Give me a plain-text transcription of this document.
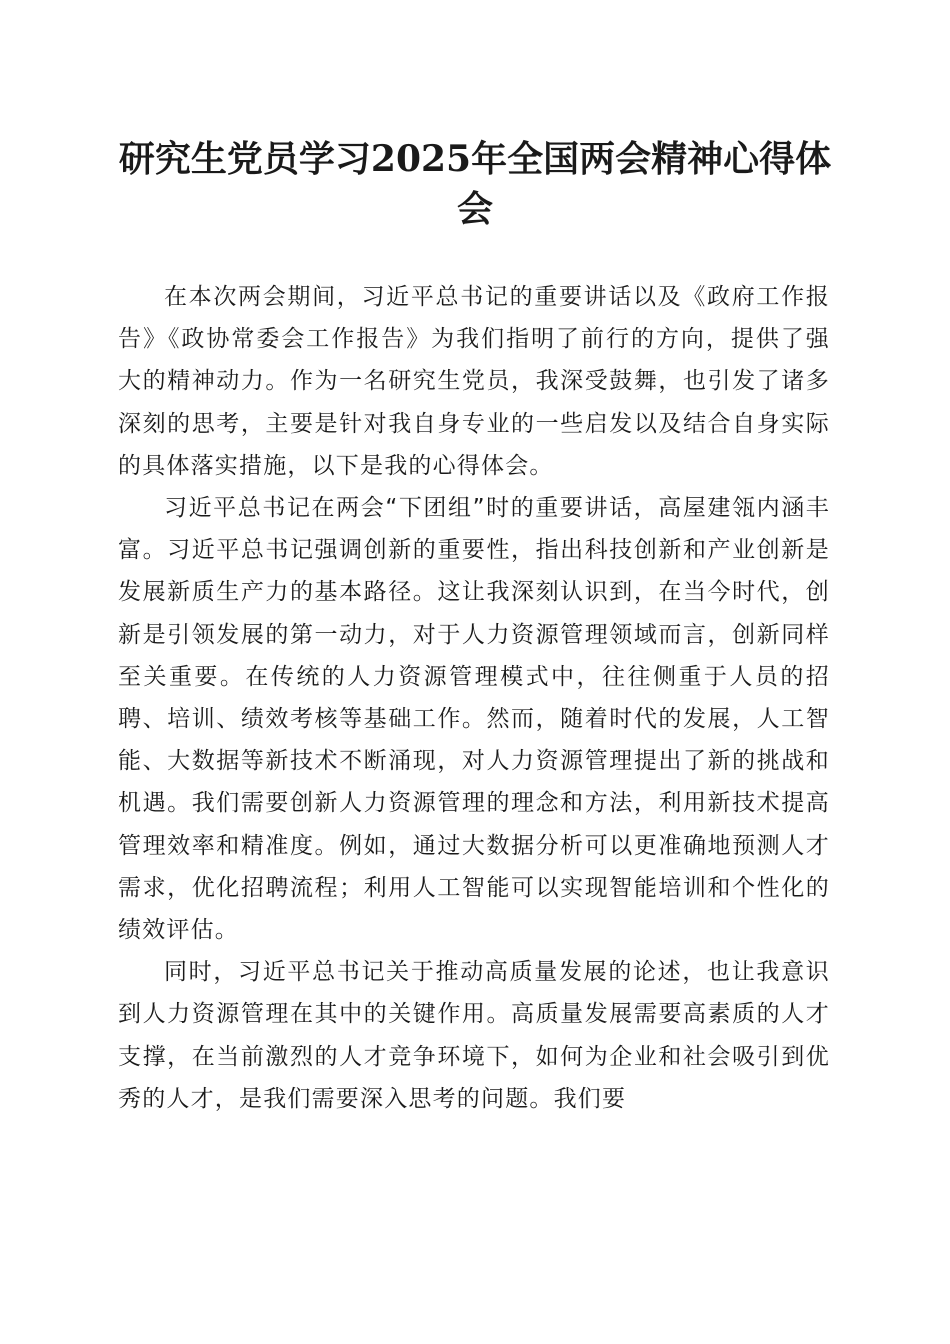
研究生党员学习2025年全国两会精神心得体会

在本次两会期间，习近平总书记的重要讲话以及《政府工作报告》《政协常委会工作报告》为我们指明了前行的方向，提供了强大的精神动力。作为一名研究生党员，我深受鼓舞，也引发了诸多深刻的思考，主要是针对我自身专业的一些启发以及结合自身实际的具体落实措施，以下是我的心得体会。

习近平总书记在两会“下团组”时的重要讲话，高屋建瓴内涵丰富。习近平总书记强调创新的重要性，指出科技创新和产业创新是发展新质生产力的基本路径。这让我深刻认识到，在当今时代，创新是引领发展的第一动力，对于人力资源管理领域而言，创新同样至关重要。在传统的人力资源管理模式中，往往侧重于人员的招聘、培训、绩效考核等基础工作。然而，随着时代的发展，人工智能、大数据等新技术不断涌现，对人力资源管理提出了新的挑战和机遇。我们需要创新人力资源管理的理念和方法，利用新技术提高管理效率和精准度。例如，通过大数据分析可以更准确地预测人才需求，优化招聘流程；利用人工智能可以实现智能培训和个性化的绩效评估。

同时，习近平总书记关于推动高质量发展的论述，也让我意识到人力资源管理在其中的关键作用。高质量发展需要高素质的人才支撑，在当前激烈的人才竞争环境下，如何为企业和社会吸引到优秀的人才，是我们需要深入思考的问题。我们要
